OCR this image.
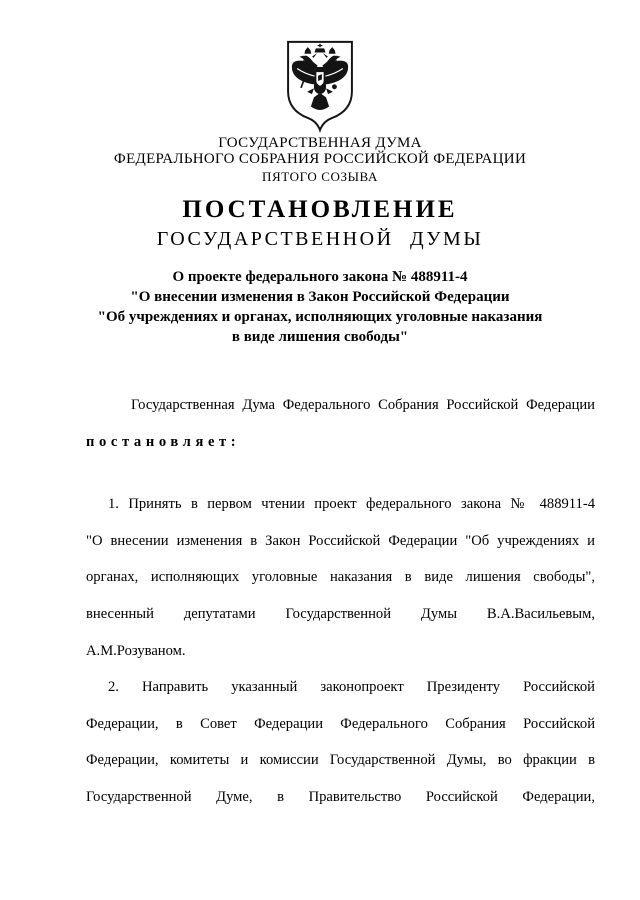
ГОСУДАРСТВЕННАЯ ДУМА
ФЕДЕРАЛЬНОГО СОБРАНИЯ РОССИЙСКОЙ ФЕДЕРАЦИИ
ПЯТОГО СОЗЫВА
ПОСТАНОВЛЕНИЕ
ГОСУДАРСТВЕННОЙ ДУМЫ
О проекте федерального закона № 488911-4
"О внесении изменения в Закон Российской Федерации
"Об учреждениях и органах, исполняющих уголовные наказания
в виде лишения свободы"
Государственная Дума Федерального Собрания Российской Федерации
постановляет:
1. Принять в первом чтении проект федерального закона № 488911-4
"О внесении изменения в Закон Российской Федерации "Об учреждениях и
органах, исполняющих уголовные наказания в виде лишения свободы",
внесенный депутатами Государственной Думы В.А.Васильевым,
А.М.Розуваном.
2. Направить указанный законопроект Президенту Российской
Федерации, в Совет Федерации Федерального Собрания Российской
Федерации, комитеты и комиссии Государственной Думы, во фракции в
Государственной Думе, в Правительство Российской Федерации,
